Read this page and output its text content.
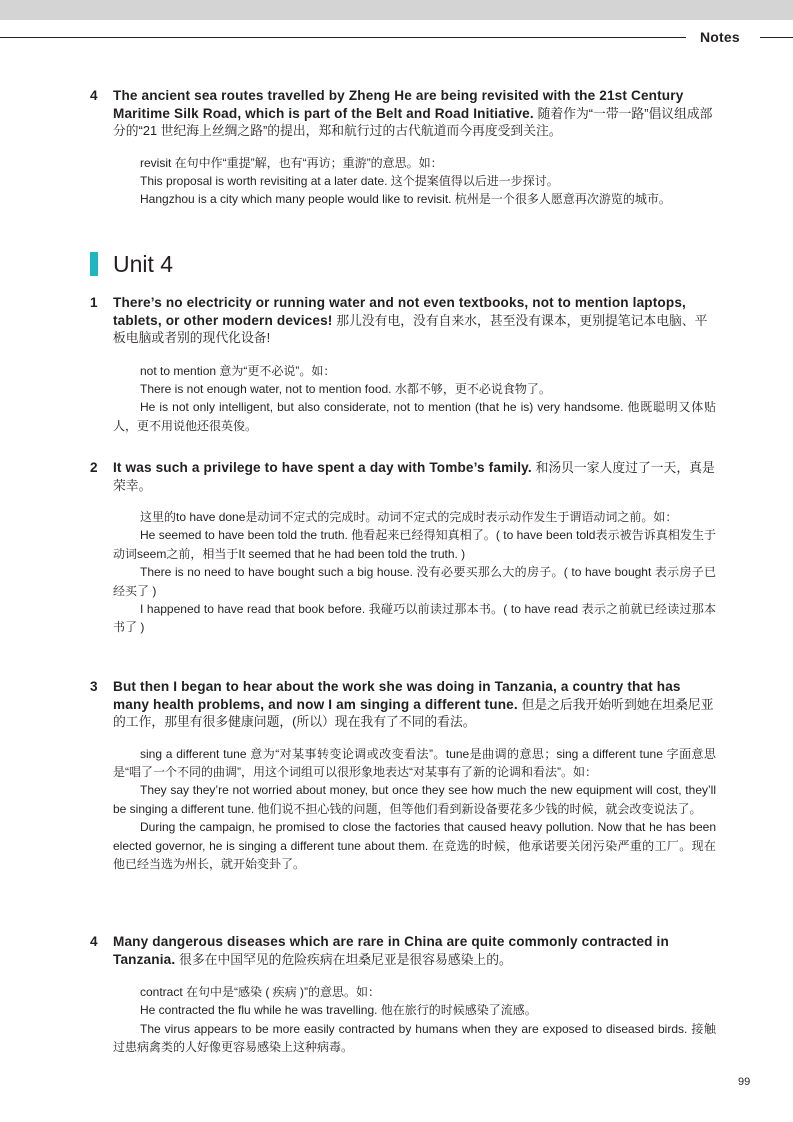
Notes
4 The ancient sea routes travelled by Zheng He are being revisited with the 21st Century Maritime Silk Road, which is part of the Belt and Road Initiative. 随着作为“一带一路”倡议组成部分的“21 世纪海上丝绸之路”的提出，郑和航行过的古代航道而今再度受到关注。

revisit 在句中作“重提”解，也有“再访；重游”的意思。如：

This proposal is worth revisiting at a later date. 这个提案值得以后进一步探讨。

Hangzhou is a city which many people would like to revisit. 杭州是一个很多人愿意再次游览的城市。

Unit 4
1 There’s no electricity or running water and not even textbooks, not to mention laptops, tablets, or other modern devices! 那儿没有电，没有自来水，甚至没有课本，更别提笔记本电脑、平板电脑或者别的现代化设备!

not to mention 意为“更不必说”。如：

There is not enough water, not to mention food. 水都不够，更不必说食物了。

He is not only intelligent, but also considerate, not to mention (that he is) very handsome. 他既聪明又体贴人，更不用说他还很英俊。

2 It was such a privilege to have spent a day with Tombe’s family. 和汤贝一家人度过了一天，真是荣幸。

这里的to have done是动词不定式的完成时。动词不定式的完成时表示动作发生于谓语动词之前。如：

He seemed to have been told the truth. 他看起来已经得知真相了。( to have been told表示被告诉真相发生于动词seem之前，相当于It seemed that he had been told the truth. )

There is no need to have bought such a big house. 没有必要买那么大的房子。( to have bought 表示房子已经买了 )

I happened to have read that book before. 我碰巧以前读过那本书。( to have read 表示之前就已经读过那本书了 )

3 But then I began to hear about the work she was doing in Tanzania, a country that has many health problems, and now I am singing a different tune. 但是之后我开始听到她在坦桑尼亚的工作，那里有很多健康问题，(所以）现在我有了不同的看法。

sing a different tune 意为“对某事转变论调或改变看法”。tune是曲调的意思；sing a different tune 字面意思是“唱了一个不同的曲调”，用这个词组可以很形象地表达“对某事有了新的论调和看法”。如：

They say they’re not worried about money, but once they see how much the new equipment will cost, they’ll be singing a different tune. 他们说不担心钱的问题，但等他们看到新设备要花多少钱的时候，就会改变说法了。

During the campaign, he promised to close the factories that caused heavy pollution. Now that he has been elected governor, he is singing a different tune about them. 在竞选的时候，他承诺要关闭污染严重的工厂。现在他已经当选为州长，就开始变卦了。

4 Many dangerous diseases which are rare in China are quite commonly contracted in Tanzania. 很多在中国罕见的危险疾病在坦桑尼亚是很容易感染上的。

contract 在句中是“感染 ( 疾病 )”的意思。如：

He contracted the flu while he was travelling. 他在旅行的时候感染了流感。

The virus appears to be more easily contracted by humans when they are exposed to diseased birds. 接触过患病禽类的人好像更容易感染上这种病毒。

99
